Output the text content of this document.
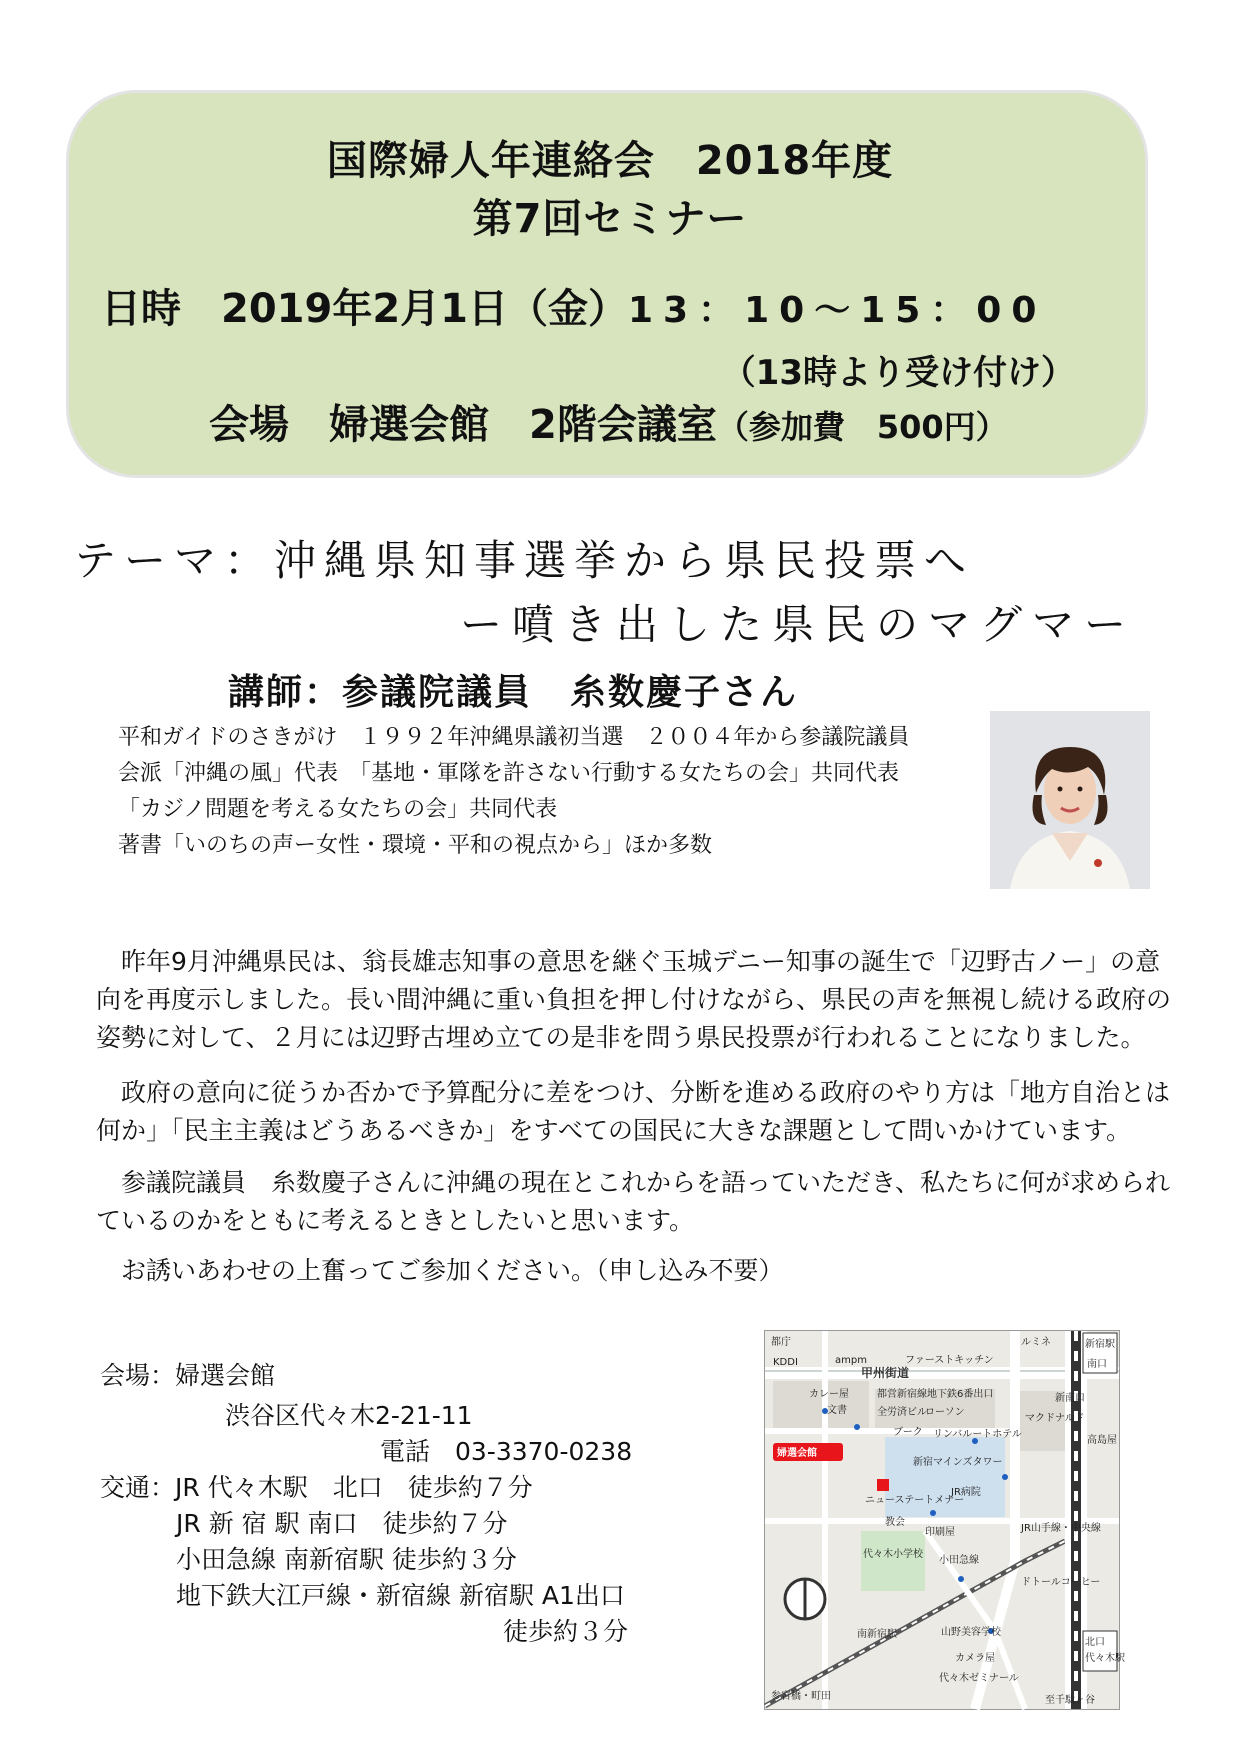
国際婦人年連絡会　2018年度
第7回セミナー
日時　2019年2月1日（金）13：10〜15：00
（13時より受け付け）
会場　婦選会館　2階会議室（参加費　500円）
テーマ：沖縄県知事選挙から県民投票へ
ー噴き出した県民のマグマー
講師：参議院議員　糸数慶子さん
平和ガイドのさきがけ　１９９２年沖縄県議初当選　２００４年から参議院議員
会派「沖縄の風」代表　「基地・軍隊を許さない行動する女たちの会」共同代表
「カジノ問題を考える女たちの会」共同代表
著書「いのちの声ー女性・環境・平和の視点から」ほか多数
　昨年9月沖縄県民は、翁長雄志知事の意思を継ぐ玉城デニー知事の誕生で「辺野古ノー」の意向を再度示しました。長い間沖縄に重い負担を押し付けながら、県民の声を無視し続ける政府の姿勢に対して、２月には辺野古埋め立ての是非を問う県民投票が行われることになりました。
　政府の意向に従うか否かで予算配分に差をつけ、分断を進める政府のやり方は「地方自治とは何か」「民主主義はどうあるべきか」をすべての国民に大きな課題として問いかけています。
　参議院議員　糸数慶子さんに沖縄の現在とこれからを語っていただき、私たちに何が求められているのかをともに考えるときとしたいと思います。
　お誘いあわせの上奮ってご参加ください。（申し込み不要）
会場：婦選会館
渋谷区代々木2-21-11
電話　03-3370-0238
交通：JR 代々木駅　北口　徒歩約７分
JR 新 宿 駅 南口　徒歩約７分
小田急線 南新宿駅 徒歩約３分
地下鉄大江戸線・新宿線 新宿駅 A1出口
徒歩約３分
都庁
KDDI	ampm	ファーストキッチン
ルミネ	新宿駅
南口
甲州街道
カレー屋	都営新宿線地下鉄6番出口	新南口
マクドナルド
文書
婦選会館
高島屋
ローソン
全労済ビル
ブーク リンバルートホテル
新宿マインズタワー
JR山手線・中央線
ニューステートメナー
JR病院
教会
印刷屋
代々木小学校
小田急線
南新宿駅
ドトールコーヒー
参宮橋・町田
山野美容学校
カメラ屋
代々木ゼミナール
代々木駅
北口
至千駄ヶ谷
